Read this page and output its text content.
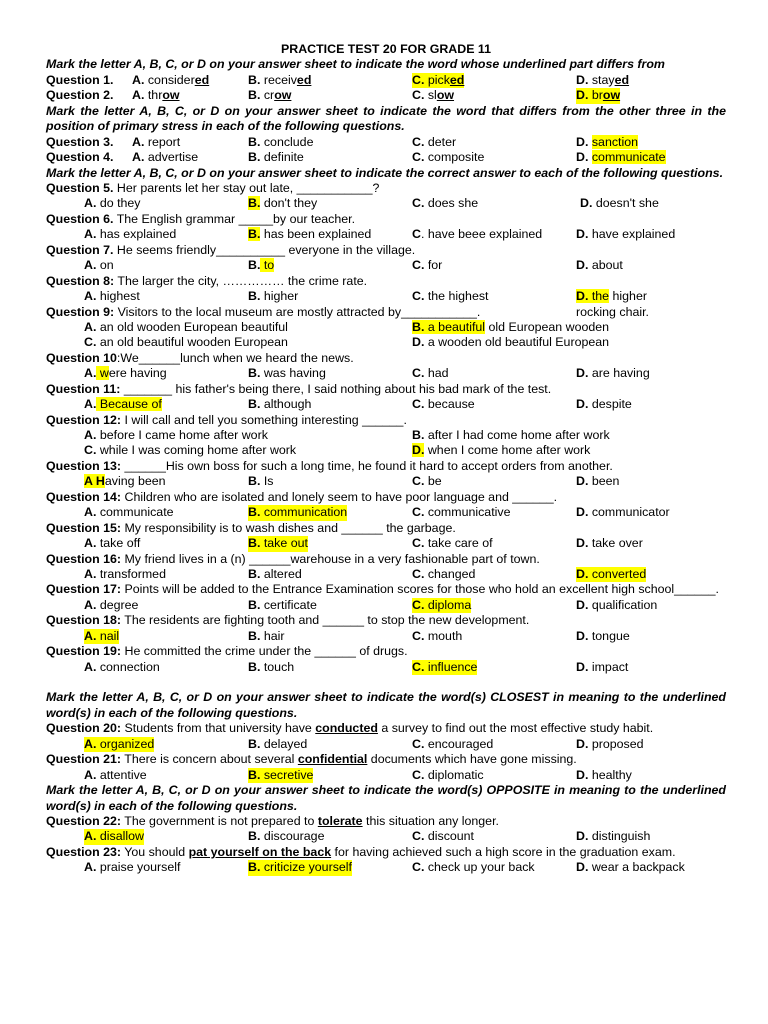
PRACTICE TEST 20 FOR GRADE 11
Mark the letter A, B, C, or D on your answer sheet to indicate the word whose underlined part differs from
Question 1. A. considered	B. received	C. picked	D. stayed
Question 2. A. throw	B. crow	C. slow	D. brow
Mark the letter A, B, C, or D on your answer sheet to indicate the word that differs from the other three in the position of primary stress in each of the following questions.
Question 3. A. report	B. conclude	C. deter	D. sanction
Question 4. A. advertise	B. definite	C. composite	D. communicate
Mark the letter A, B, C, or D on your answer sheet to indicate the correct answer to each of the following questions.
Question 5. Her parents let her stay out late, ___________?
A. do they	B. don't they	C. does she	D. doesn't she
Question 6. The English grammar _____by our teacher.
A. has explained	B. has been explained	C. have beee explained	D. have explained
Question 7. He seems friendly__________ everyone in the village.
A. on	B. to	C. for	D. about
Question 8: The larger the city, …………… the crime rate.
A. highest	B. higher	C. the highest	D. the higher
Question 9: Visitors to the local museum are mostly attracted by___________.	rocking chair.
A. an old wooden European beautiful	B. a beautiful old European wooden
C. an old beautiful wooden European	D. a wooden old beautiful European
Question 10:We______lunch when we heard the news.
A. were having	B. was having	C. had	D. are having
Question 11: _______ his father's being there, I said nothing about his bad mark of the test.
A. Because of	B. although	C. because	D. despite
Question 12: I will call and tell you something interesting ______.
A. before I came home after work	B. after I had come home after work
C. while I was coming home after work	D. when I come home after work
Question 13: ______His own boss for such a long time, he found it hard to accept orders from another.
A Having been	B. Is	C. be	D. been
Question 14: Children who are isolated and lonely seem to have poor language and ______.
A. communicate	B. communication	C. communicative	D. communicator
Question 15: My responsibility is to wash dishes and ______ the garbage.
A. take off	B. take out	C. take care of	D. take over
Question 16: My friend lives in a (n) ______warehouse in a very fashionable part of town.
A. transformed	B. altered	C. changed	D. converted
Question 17: Points will be added to the Entrance Examination scores for those who hold an excellent high school______.
A. degree	B. certificate	C. diploma	D. qualification
Question 18: The residents are fighting tooth and ______ to stop the new development.
A. nail	B. hair	C. mouth	D. tongue
Question 19: He committed the crime under the ______ of drugs.
A. connection	B. touch	C. influence	D. impact
Mark the letter A, B, C, or D on your answer sheet to indicate the word(s) CLOSEST in meaning to the underlined word(s) in each of the following questions.
Question 20: Students from that university have conducted a survey to find out the most effective study habit.
A. organized	B. delayed	C. encouraged	D. proposed
Question 21: There is concern about several confidential documents which have gone missing.
A. attentive	B. secretive	C. diplomatic	D. healthy
Mark the letter A, B, C, or D on your answer sheet to indicate the word(s) OPPOSITE in meaning to the underlined word(s) in each of the following questions.
Question 22: The government is not prepared to tolerate this situation any longer.
A. disallow	B. discourage	C. discount	D. distinguish
Question 23: You should pat yourself on the back for having achieved such a high score in the graduation exam.
A. praise yourself	B. criticize yourself	C. check up your back	D. wear a backpack
